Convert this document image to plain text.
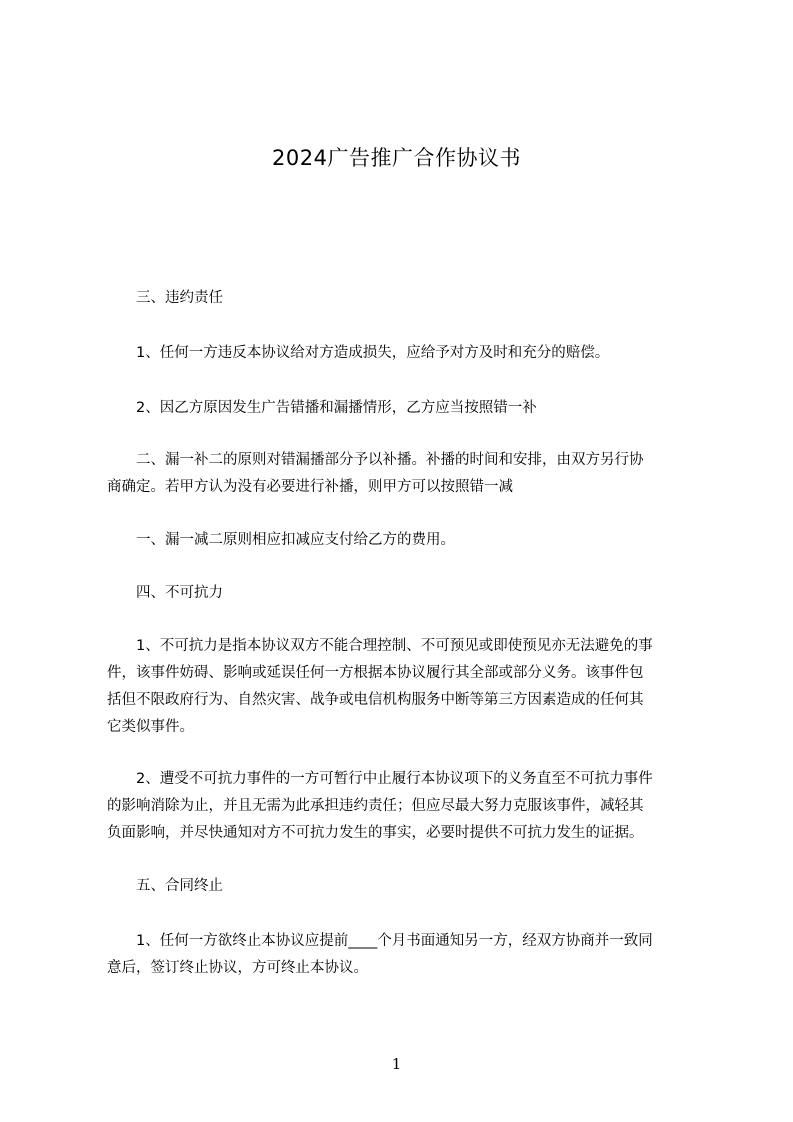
2024广告推广合作协议书
三、违约责任
1、任何一方违反本协议给对方造成损失，应给予对方及时和充分的赔偿。
2、因乙方原因发生广告错播和漏播情形，乙方应当按照错一补
二、漏一补二的原则对错漏播部分予以补播。补播的时间和安排，由双方另行协
商确定。若甲方认为没有必要进行补播，则甲方可以按照错一减
一、漏一减二原则相应扣减应支付给乙方的费用。
四、不可抗力
1、不可抗力是指本协议双方不能合理控制、不可预见或即使预见亦无法避免的事
件，该事件妨碍、影响或延误任何一方根据本协议履行其全部或部分义务。该事件包
括但不限政府行为、自然灾害、战争或电信机构服务中断等第三方因素造成的任何其
它类似事件。
2、遭受不可抗力事件的一方可暂行中止履行本协议项下的义务直至不可抗力事件
的影响消除为止，并且无需为此承担违约责任；但应尽最大努力克服该事件，减轻其
负面影响，并尽快通知对方不可抗力发生的事实，必要时提供不可抗力发生的证据。
五、合同终止
1、任何一方欲终止本协议应提前____个月书面通知另一方，经双方协商并一致同
意后，签订终止协议，方可终止本协议。
1
